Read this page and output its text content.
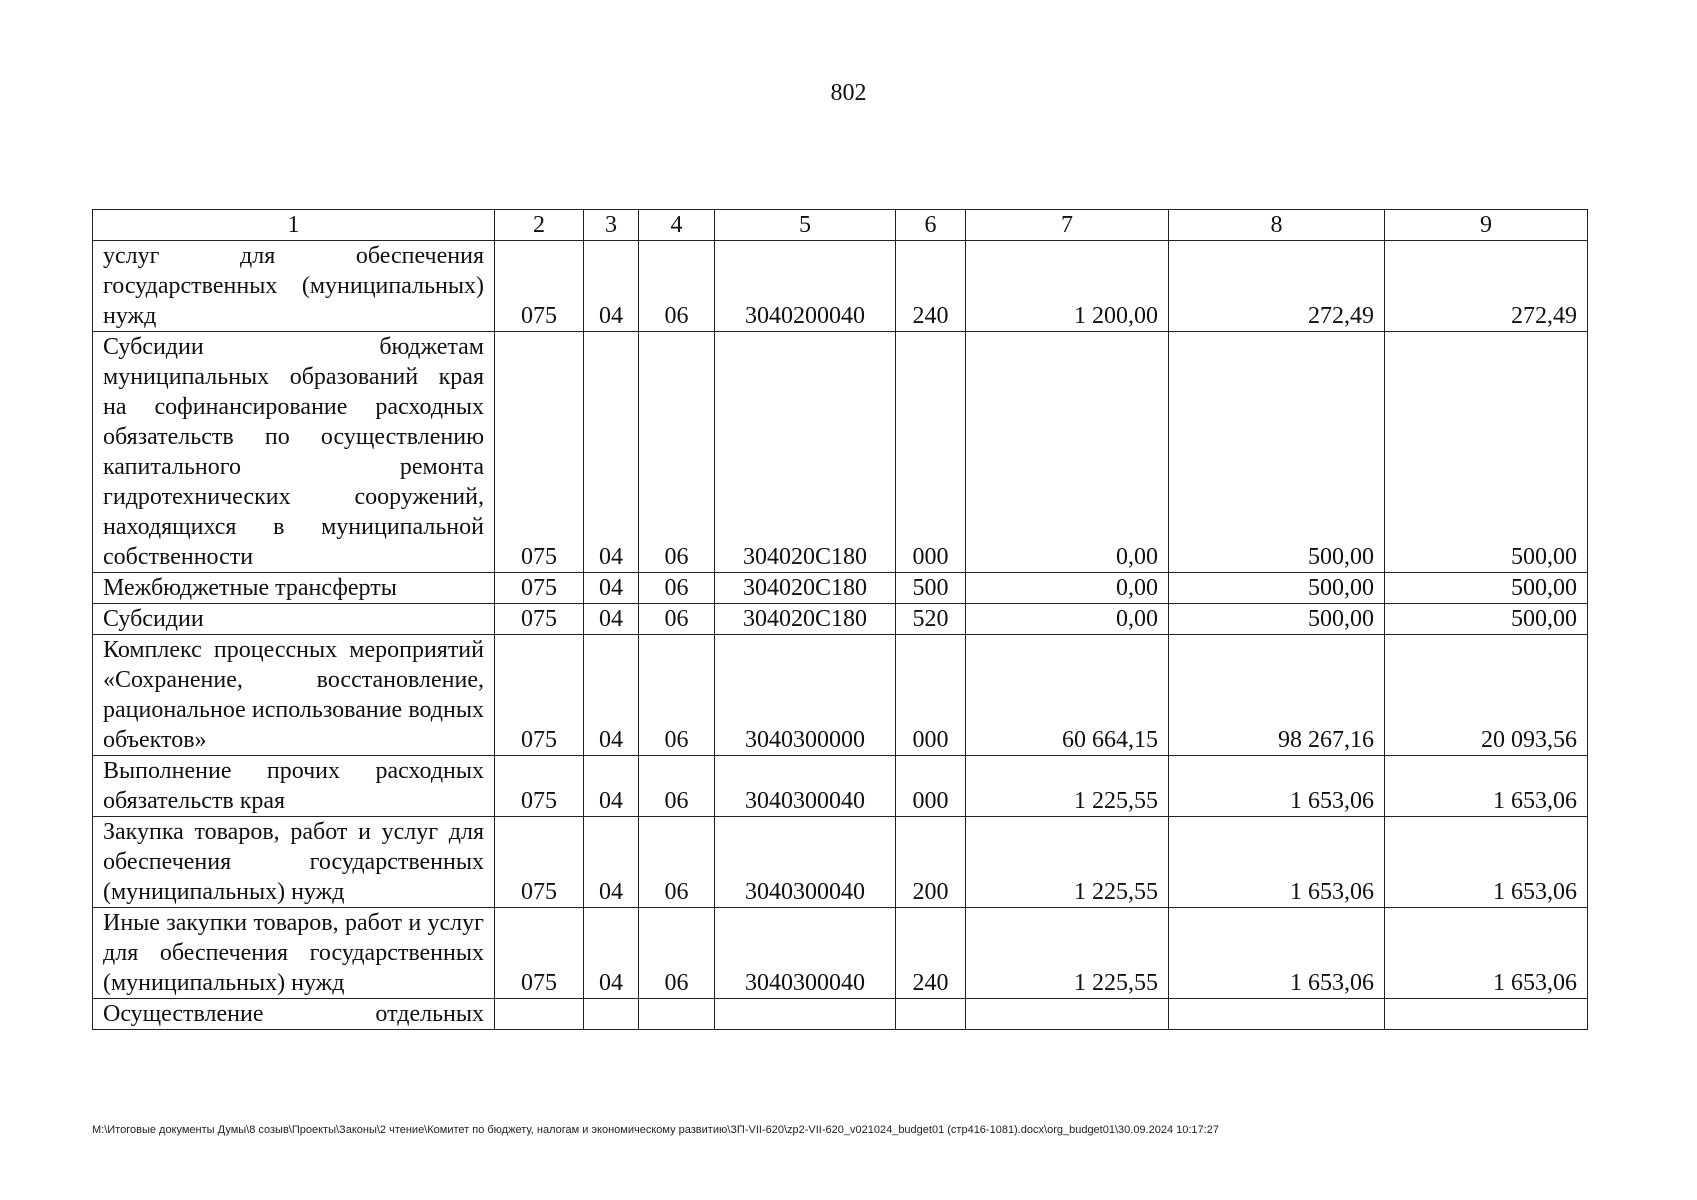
802
1	2	3	4	5	6	7	8	9
услуг для обеспечения государственных (муниципальных) нужд	075	04	06	3040200040	240	1 200,00	272,49	272,49
Субсидии бюджетам муниципальных образований края на софинансирование расходных обязательств по осуществлению капитального ремонта гидротехнических сооружений, находящихся в муниципальной собственности	075	04	06	304020С180	000	0,00	500,00	500,00
Межбюджетные трансферты	075	04	06	304020С180	500	0,00	500,00	500,00
Субсидии	075	04	06	304020С180	520	0,00	500,00	500,00
Комплекс процессных мероприятий «Сохранение, восстановление, рациональное использование водных объектов»	075	04	06	3040300000	000	60 664,15	98 267,16	20 093,56
Выполнение прочих расходных обязательств края	075	04	06	3040300040	000	1 225,55	1 653,06	1 653,06
Закупка товаров, работ и услуг для обеспечения государственных (муниципальных) нужд	075	04	06	3040300040	200	1 225,55	1 653,06	1 653,06
Иные закупки товаров, работ и услуг для обеспечения государственных (муниципальных) нужд	075	04	06	3040300040	240	1 225,55	1 653,06	1 653,06
Осуществление отдельных								
M:\Итоговые документы Думы\8 созыв\Проекты\Законы\2 чтение\Комитет по бюджету, налогам и экономическому развитию\ЗП-VII-620\zp2-VII-620_v021024_budget01 (стр416-1081).docx\org_budget01\30.09.2024 10:17:27
